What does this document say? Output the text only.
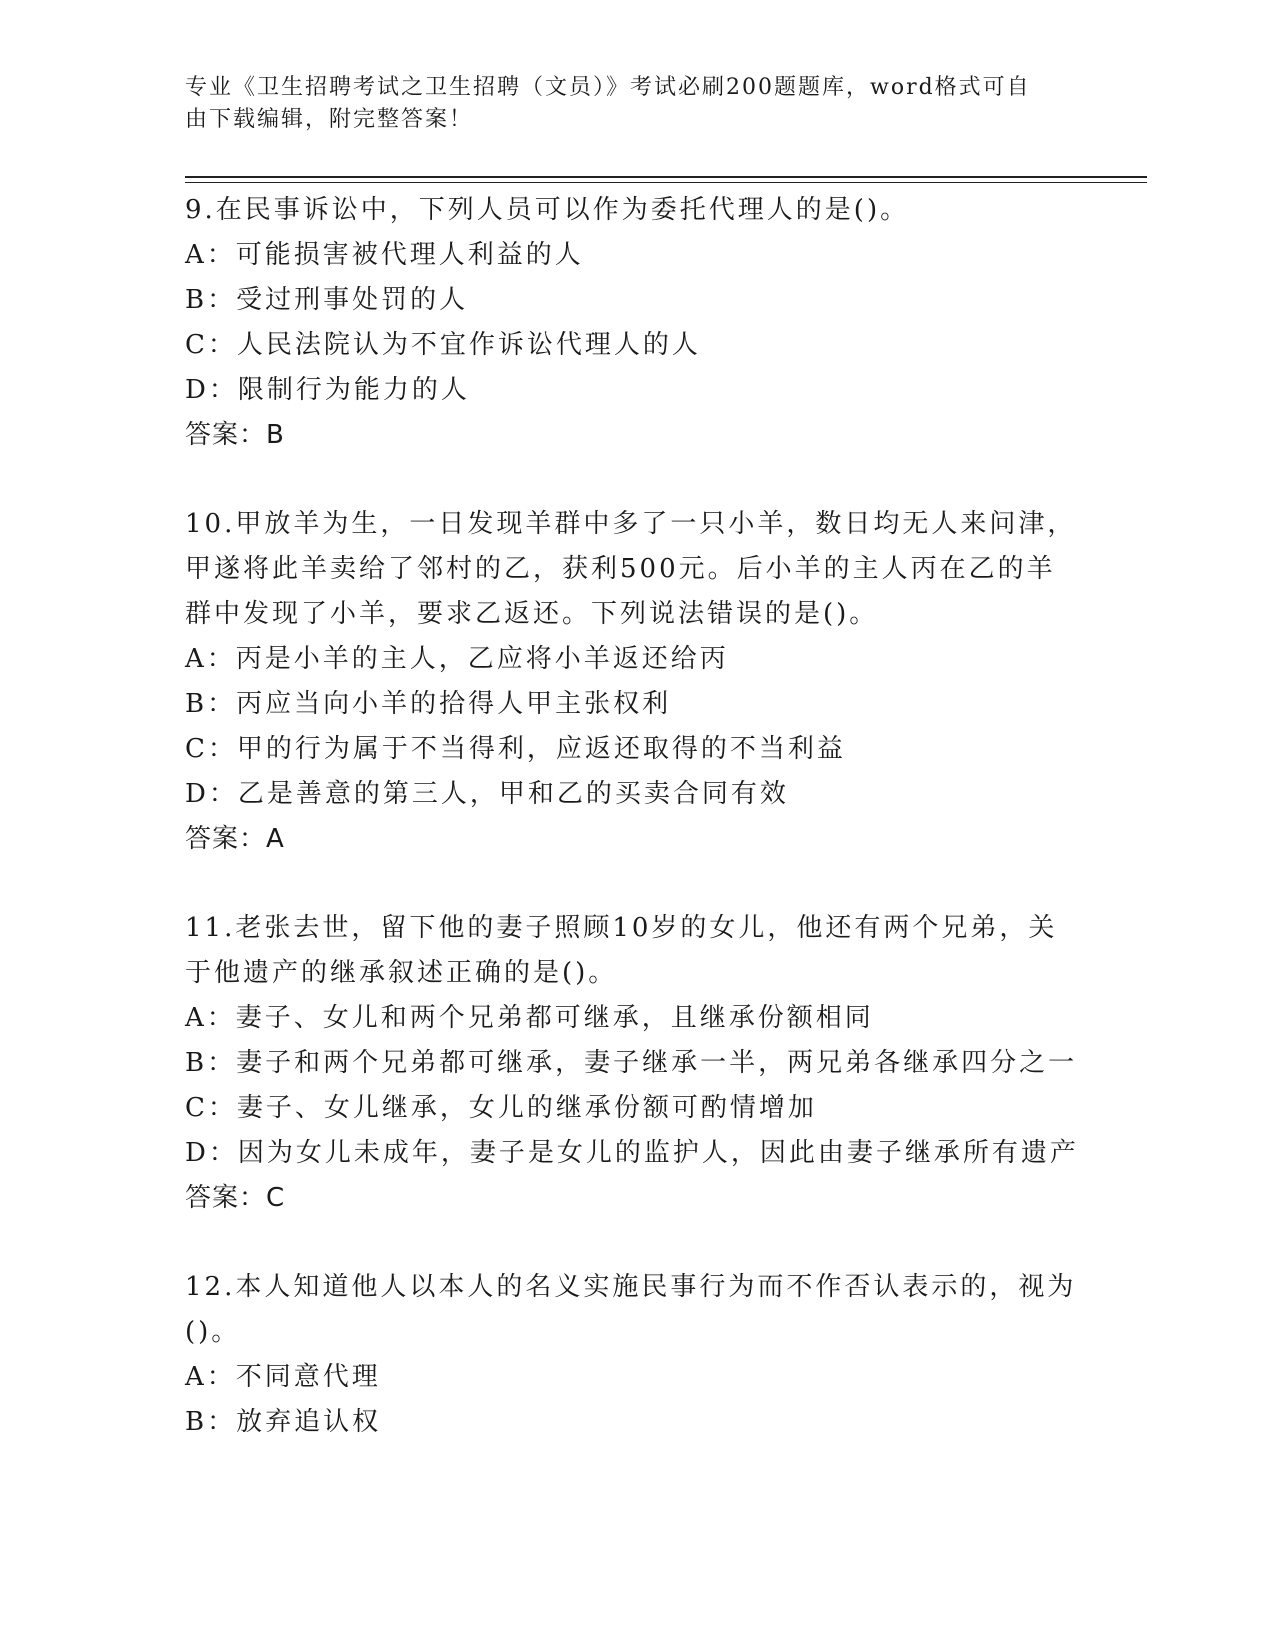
专业《卫生招聘考试之卫生招聘（文员）》考试必刷200题题库，word格式可自
由下载编辑，附完整答案！

9.在民事诉讼中，下列人员可以作为委托代理人的是()。

A：可能损害被代理人利益的人

B：受过刑事处罚的人

C：人民法院认为不宜作诉讼代理人的人

D：限制行为能力的人

答案：B

10.甲放羊为生，一日发现羊群中多了一只小羊，数日均无人来问津，

甲遂将此羊卖给了邻村的乙，获利500元。后小羊的主人丙在乙的羊

群中发现了小羊，要求乙返还。下列说法错误的是()。

A：丙是小羊的主人，乙应将小羊返还给丙

B：丙应当向小羊的拾得人甲主张权利

C：甲的行为属于不当得利，应返还取得的不当利益

D：乙是善意的第三人，甲和乙的买卖合同有效

答案：A

11.老张去世，留下他的妻子照顾10岁的女儿，他还有两个兄弟，关

于他遗产的继承叙述正确的是()。

A：妻子、女儿和两个兄弟都可继承，且继承份额相同

B：妻子和两个兄弟都可继承，妻子继承一半，两兄弟各继承四分之一

C：妻子、女儿继承，女儿的继承份额可酌情增加

D：因为女儿未成年，妻子是女儿的监护人，因此由妻子继承所有遗产

答案：C

12.本人知道他人以本人的名义实施民事行为而不作否认表示的，视为

()。

A：不同意代理

B：放弃追认权
